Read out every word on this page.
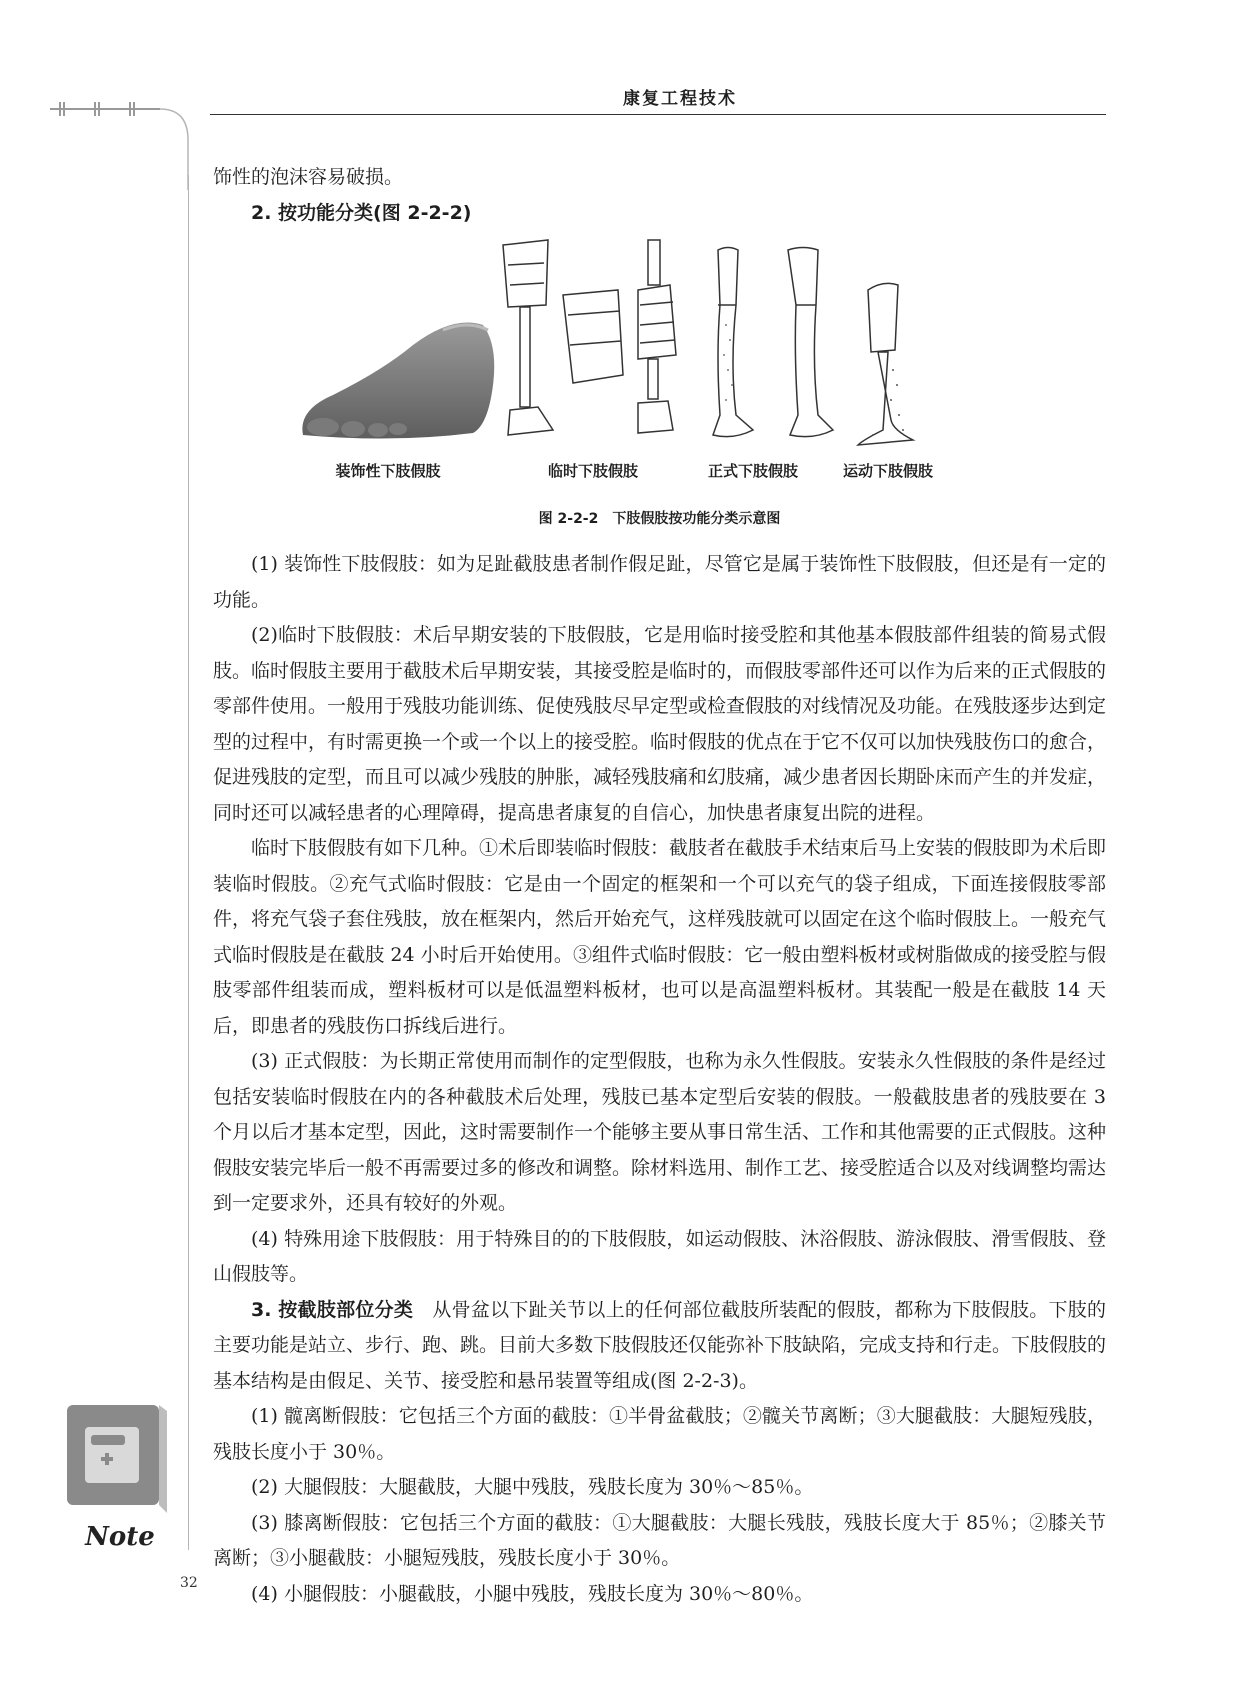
康复工程技术

饰性的泡沫容易破损。

2. 按功能分类(图 2-2-2)
装饰性下肢假肢	临时下肢假肢	正式下肢假肢	运动下肢假肢
图 2-2-2　下肢假肢按功能分类示意图

(1) 装饰性下肢假肢：如为足趾截肢患者制作假足趾，尽管它是属于装饰性下肢假肢，但还是有一定的功能。

(2)临时下肢假肢：术后早期安装的下肢假肢，它是用临时接受腔和其他基本假肢部件组装的简易式假肢。临时假肢主要用于截肢术后早期安装，其接受腔是临时的，而假肢零部件还可以作为后来的正式假肢的零部件使用。一般用于残肢功能训练、促使残肢尽早定型或检查假肢的对线情况及功能。在残肢逐步达到定型的过程中，有时需更换一个或一个以上的接受腔。临时假肢的优点在于它不仅可以加快残肢伤口的愈合，促进残肢的定型，而且可以减少残肢的肿胀，减轻残肢痛和幻肢痛，减少患者因长期卧床而产生的并发症，同时还可以减轻患者的心理障碍，提高患者康复的自信心，加快患者康复出院的进程。

临时下肢假肢有如下几种。①术后即装临时假肢：截肢者在截肢手术结束后马上安装的假肢即为术后即装临时假肢。②充气式临时假肢：它是由一个固定的框架和一个可以充气的袋子组成，下面连接假肢零部件，将充气袋子套住残肢，放在框架内，然后开始充气，这样残肢就可以固定在这个临时假肢上。一般充气式临时假肢是在截肢 24 小时后开始使用。③组件式临时假肢：它一般由塑料板材或树脂做成的接受腔与假肢零部件组装而成，塑料板材可以是低温塑料板材，也可以是高温塑料板材。其装配一般是在截肢 14 天后，即患者的残肢伤口拆线后进行。

(3) 正式假肢：为长期正常使用而制作的定型假肢，也称为永久性假肢。安装永久性假肢的条件是经过包括安装临时假肢在内的各种截肢术后处理，残肢已基本定型后安装的假肢。一般截肢患者的残肢要在 3 个月以后才基本定型，因此，这时需要制作一个能够主要从事日常生活、工作和其他需要的正式假肢。这种假肢安装完毕后一般不再需要过多的修改和调整。除材料选用、制作工艺、接受腔适合以及对线调整均需达到一定要求外，还具有较好的外观。

(4) 特殊用途下肢假肢：用于特殊目的的下肢假肢，如运动假肢、沐浴假肢、游泳假肢、滑雪假肢、登山假肢等。

3. 按截肢部位分类　从骨盆以下趾关节以上的任何部位截肢所装配的假肢，都称为下肢假肢。下肢的主要功能是站立、步行、跑、跳。目前大多数下肢假肢还仅能弥补下肢缺陷，完成支持和行走。下肢假肢的基本结构是由假足、关节、接受腔和悬吊装置等组成(图 2-2-3)。

(1) 髋离断假肢：它包括三个方面的截肢：①半骨盆截肢；②髋关节离断；③大腿截肢：大腿短残肢，残肢长度小于 30％。

(2) 大腿假肢：大腿截肢，大腿中残肢，残肢长度为 30％～85％。

(3) 膝离断假肢：它包括三个方面的截肢：①大腿截肢：大腿长残肢，残肢长度大于 85％；②膝关节离断；③小腿截肢：小腿短残肢，残肢长度小于 30％。

(4) 小腿假肢：小腿截肢，小腿中残肢，残肢长度为 30％～80％。

Note
32
